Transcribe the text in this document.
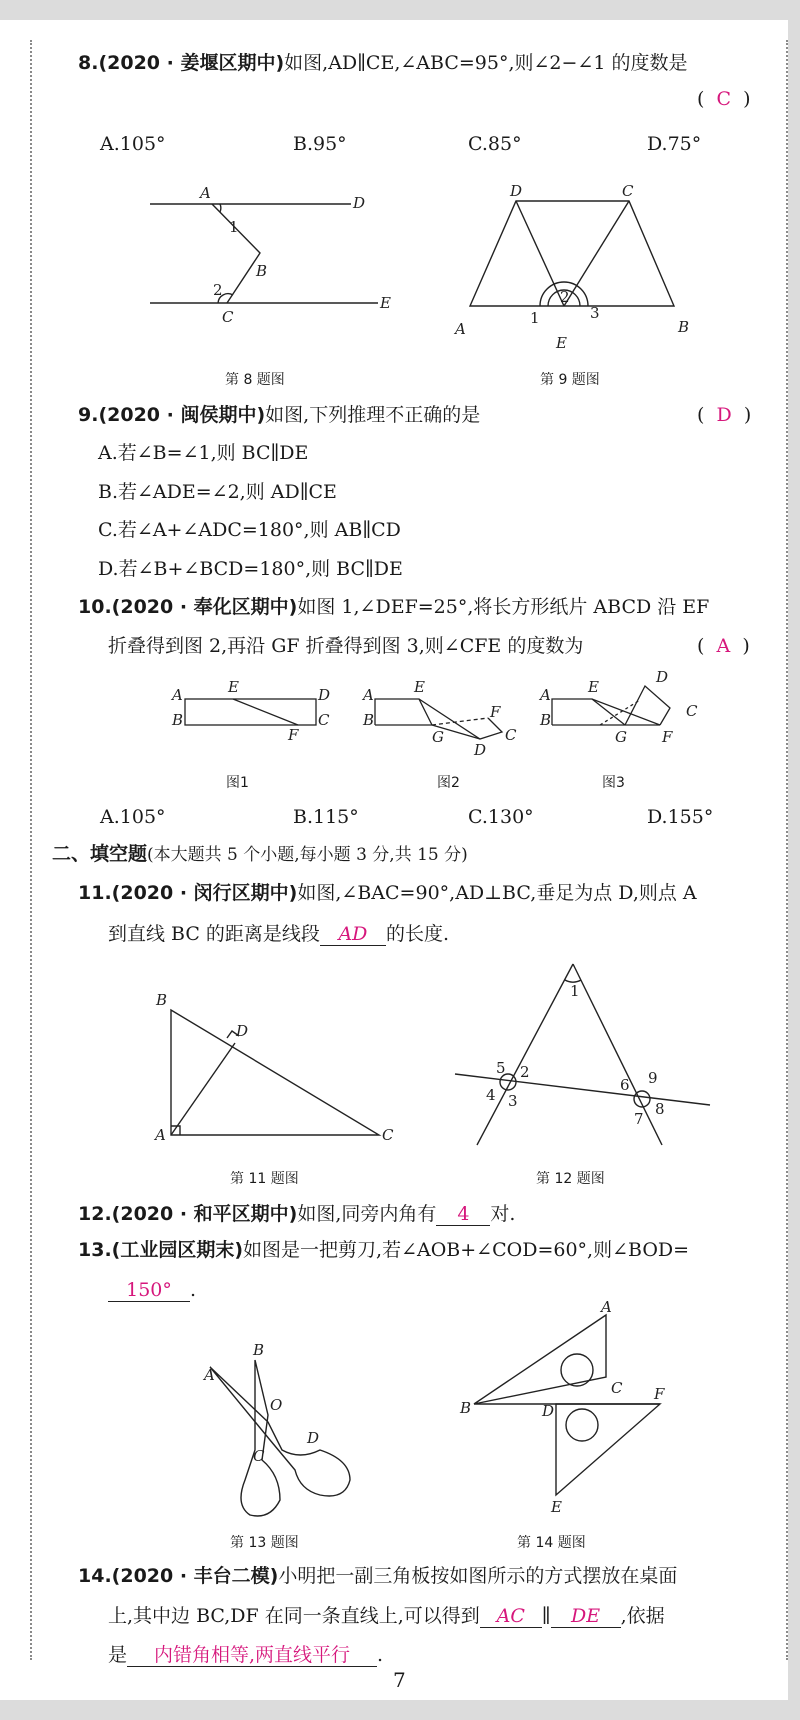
8.(2020 · 姜堰区期中)如图,AD∥CE,∠ABC=95°,则∠2−∠1 的度数是
( C )
A.105°	B.95°	C.85°	D.75°
A
D
B
1
2
C
E
D	C
A	B
E
1
2
3
第 8 题图	第 9 题图
9.(2020 · 闽侯期中)如图,下列推理不正确的是	(  D  )
A.若∠B=∠1,则 BC∥DE
B.若∠ADE=∠2,则 AD∥CE
C.若∠A+∠ADC=180°,则 AB∥CD
D.若∠B+∠BCD=180°,则 BC∥DE
10.(2020 · 奉化区期中)如图 1,∠DEF=25°,将长方形纸片 ABCD 沿 EF
折叠得到图 2,再沿 GF 折叠得到图 3,则∠CFE 的度数为	(  A  )
A
B
E	D
C
F
A
B
E
F
G	C
D
A
B
E
D
C
G F
图1	图2	图3
A.105°	B.115°	C.130°	D.155°
二、填空题(本大题共 5 个小题,每小题 3 分,共 15 分)
11.(2020 · 闵行区期中)如图,∠BAC=90°,AD⊥BC,垂足为点 D,则点 A
到直线 BC 的距离是线段 AD 的长度.
B
D
A	C
1
2
3
4
5
6
7
8
9
第 11 题图	第 12 题图
12.(2020 · 和平区期中)如图,同旁内角有 4 对.
13.(工业园区期末)如图是一把剪刀,若∠AOB+∠COD=60°,则∠BOD=
150° .
B
A
O
C
D
A
B
C
D
F
E
第 13 题图	第 14 题图
14.(2020 · 丰台二模)小明把一副三角板按如图所示的方式摆放在桌面
上,其中边 BC,DF 在同一条直线上,可以得到 AC ∥ DE ,依据
是 内错角相等,两直线平行 .
7
